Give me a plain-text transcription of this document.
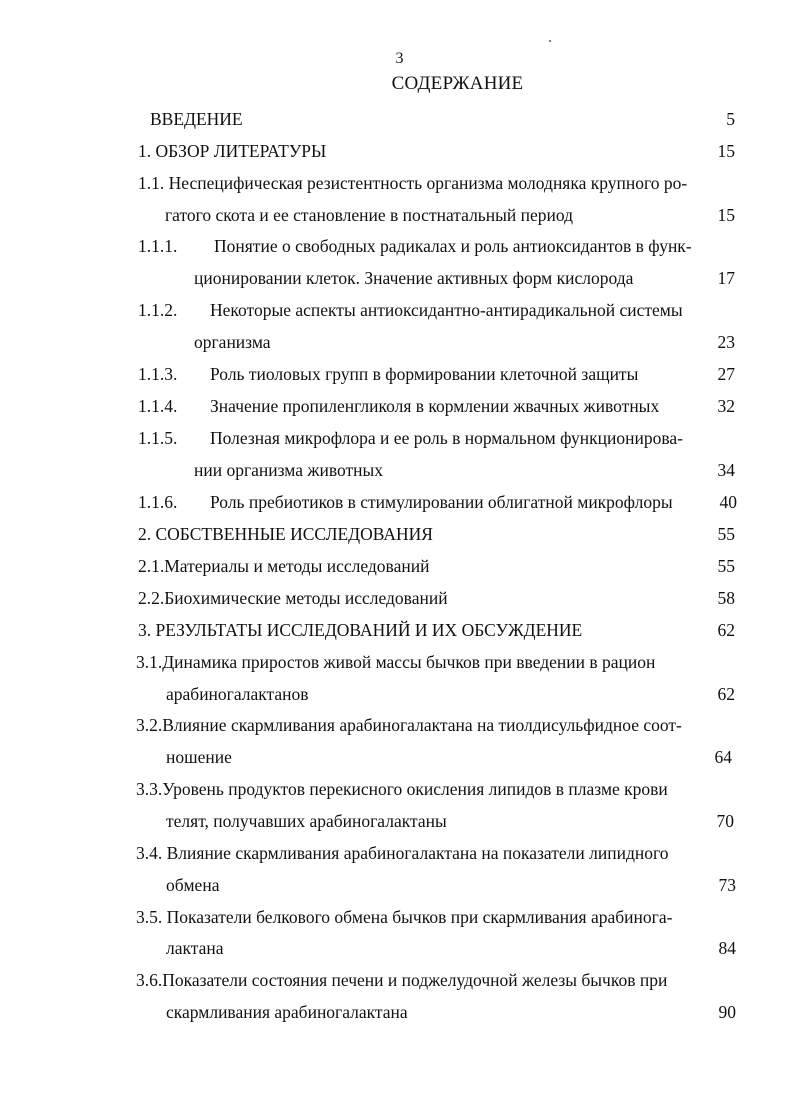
3
СОДЕРЖАНИЕ
ВВЕДЕНИЕ	5
1. ОБЗОР ЛИТЕРАТУРЫ	15
1.1. Неспецифическая резистентность организма молодняка крупного ро-
гатого скота и ее становление в постнатальный период	15
1.1.1. Понятие о свободных радикалах и роль антиоксидантов в функ-
ционировании клеток. Значение активных форм кислорода	17
1.1.2. Некоторые аспекты антиоксидантно-антирадикальной системы
организма	23
1.1.3. Роль тиоловых групп в формировании клеточной защиты	27
1.1.4. Значение пропиленгликоля в кормлении жвачных животных	32
1.1.5. Полезная микрофлора и ее роль в нормальном функционирова-
нии организма животных	34
1.1.6. Роль пребиотиков в стимулировании облигатной микрофлоры	40
2. СОБСТВЕННЫЕ ИССЛЕДОВАНИЯ	55
2.1.Материалы и методы исследований	55
2.2.Биохимические методы исследований	58
3. РЕЗУЛЬТАТЫ ИССЛЕДОВАНИЙ И ИХ ОБСУЖДЕНИЕ	62
3.1.Динамика приростов живой массы бычков при введении в рацион
арабиногалактанов	62
3.2.Влияние скармливания арабиногалактана на тиолдисульфидное соот-
ношение	64
3.3.Уровень продуктов перекисного окисления липидов в плазме крови
телят, получавших арабиногалактаны	70
3.4. Влияние скармливания арабиногалактана на показатели липидного
обмена	73
3.5. Показатели белкового обмена бычков при скармливания арабинога-
лактана	84
3.6.Показатели состояния печени и поджелудочной железы бычков при
скармливания арабиногалактана	90
